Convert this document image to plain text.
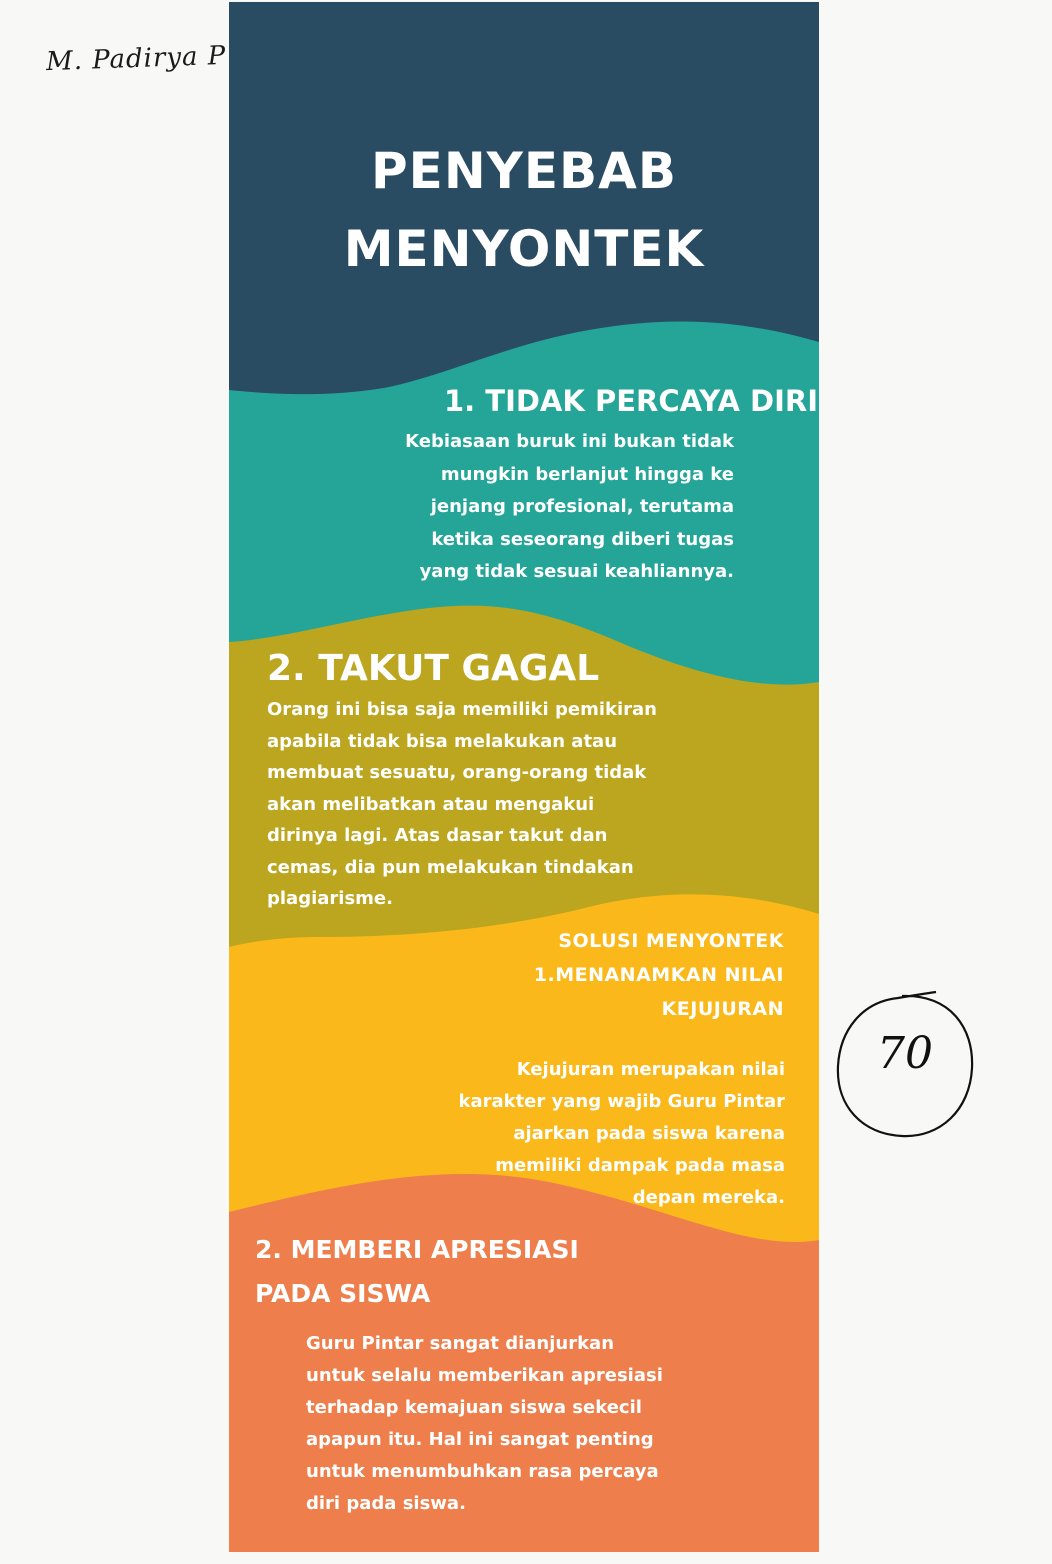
M. Padirya P
PENYEBAB
MENYONTEK
1. TIDAK PERCAYA DIRI
Kebiasaan buruk ini bukan tidak mungkin berlanjut hingga ke jenjang profesional, terutama ketika seseorang diberi tugas yang tidak sesuai keahliannya.
2. TAKUT GAGAL
Orang ini bisa saja memiliki pemikiran apabila tidak bisa melakukan atau membuat sesuatu, orang-orang tidak akan melibatkan atau mengakui dirinya lagi. Atas dasar takut dan cemas, dia pun melakukan tindakan plagiarisme.
SOLUSI MENYONTEK
1.MENANAMKAN NILAI
KEJUJURAN
Kejujuran merupakan nilai karakter yang wajib Guru Pintar ajarkan pada siswa karena memiliki dampak pada masa depan mereka.
2. MEMBERI APRESIASI
PADA SISWA
Guru Pintar sangat dianjurkan untuk selalu memberikan apresiasi terhadap kemajuan siswa sekecil apapun itu. Hal ini sangat penting untuk menumbuhkan rasa percaya diri pada siswa.
70
